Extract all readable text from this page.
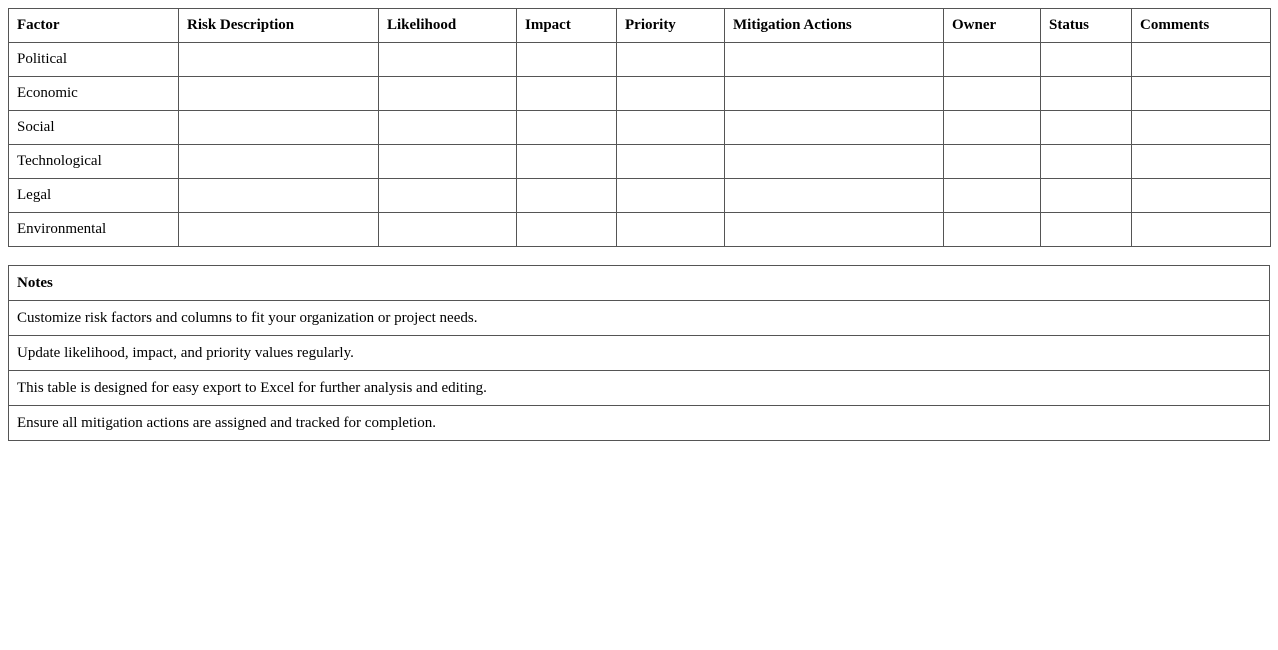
Factor	Risk Description	Likelihood	Impact	Priority	Mitigation Actions	Owner	Status	Comments
Political								
Economic								
Social								
Technological								
Legal								
Environmental								
Notes
Customize risk factors and columns to fit your organization or project needs.
Update likelihood, impact, and priority values regularly.
This table is designed for easy export to Excel for further analysis and editing.
Ensure all mitigation actions are assigned and tracked for completion.
